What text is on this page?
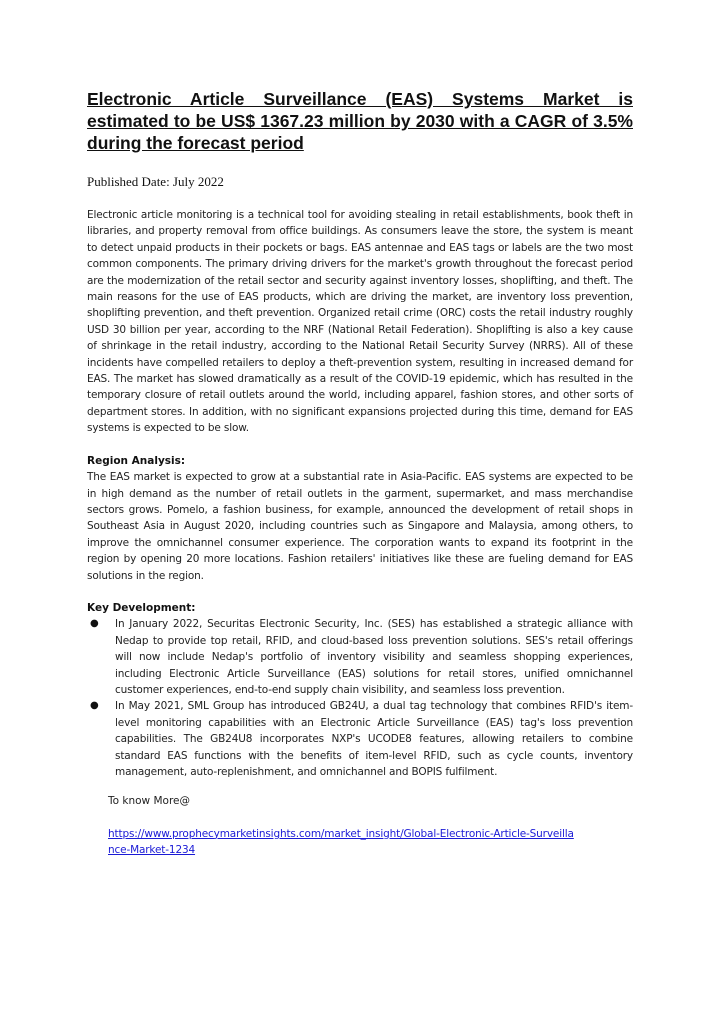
Electronic Article Surveillance (EAS) Systems Market is estimated to be US$ 1367.23 million by 2030 with a CAGR of 3.5% during the forecast period

Published Date: July 2022

Electronic article monitoring is a technical tool for avoiding stealing in retail establishments, book theft in libraries, and property removal from office buildings. As consumers leave the store, the system is meant to detect unpaid products in their pockets or bags. EAS antennae and EAS tags or labels are the two most common components. The primary driving drivers for the market's growth throughout the forecast period are the modernization of the retail sector and security against inventory losses, shoplifting, and theft. The main reasons for the use of EAS products, which are driving the market, are inventory loss prevention, shoplifting prevention, and theft prevention. Organized retail crime (ORC) costs the retail industry roughly USD 30 billion per year, according to the NRF (National Retail Federation). Shoplifting is also a key cause of shrinkage in the retail industry, according to the National Retail Security Survey (NRRS). All of these incidents have compelled retailers to deploy a theft-prevention system, resulting in increased demand for EAS. The market has slowed dramatically as a result of the COVID-19 epidemic, which has resulted in the temporary closure of retail outlets around the world, including apparel, fashion stores, and other sorts of department stores. In addition, with no significant expansions projected during this time, demand for EAS systems is expected to be slow.

Region Analysis:

The EAS market is expected to grow at a substantial rate in Asia-Pacific. EAS systems are expected to be in high demand as the number of retail outlets in the garment, supermarket, and mass merchandise sectors grows. Pomelo, a fashion business, for example, announced the development of retail shops in Southeast Asia in August 2020, including countries such as Singapore and Malaysia, among others, to improve the omnichannel consumer experience. The corporation wants to expand its footprint in the region by opening 20 more locations. Fashion retailers' initiatives like these are fueling demand for EAS solutions in the region.

Key Development:

● In January 2022, Securitas Electronic Security, Inc. (SES) has established a strategic alliance with Nedap to provide top retail, RFID, and cloud-based loss prevention solutions. SES's retail offerings will now include Nedap's portfolio of inventory visibility and seamless shopping experiences, including Electronic Article Surveillance (EAS) solutions for retail stores, unified omnichannel customer experiences, end-to-end supply chain visibility, and seamless loss prevention.

● In May 2021, SML Group has introduced GB24U, a dual tag technology that combines RFID's item-level monitoring capabilities with an Electronic Article Surveillance (EAS) tag's loss prevention capabilities. The GB24U8 incorporates NXP's UCODE8 features, allowing retailers to combine standard EAS functions with the benefits of item-level RFID, such as cycle counts, inventory management, auto-replenishment, and omnichannel and BOPIS fulfilment.

To know More@

https://www.prophecymarketinsights.com/market_insight/Global-Electronic-Article-Surveillance-Market-1234
